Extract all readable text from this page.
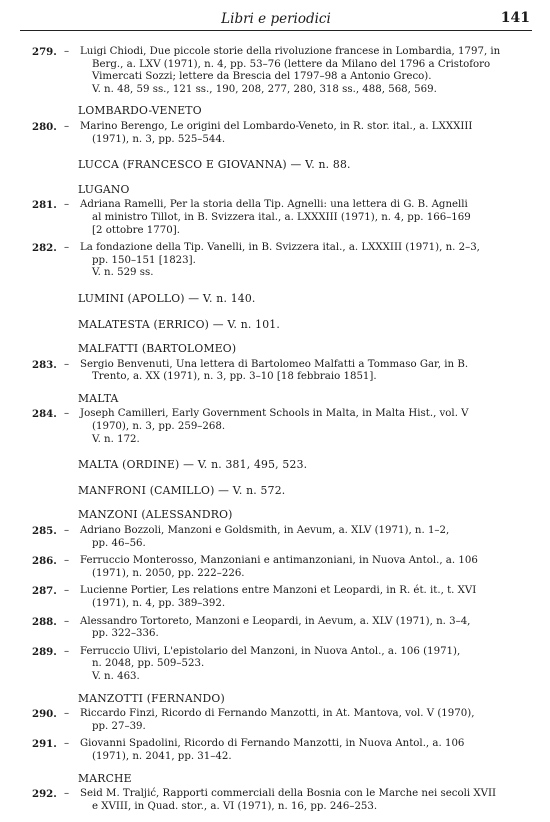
Libri e periodici	141
279. – Luigi Chiodi, Due piccole storie della rivoluzione francese in Lombardia, 1797, in
Berg., a. LXV (1971), n. 4, pp. 53–76 (lettere da Milano del 1796 a Cristoforo
Vimercati Sozzi; lettere da Brescia del 1797–98 a Antonio Greco).
V. n. 48, 59 ss., 121 ss., 190, 208, 277, 280, 318 ss., 488, 568, 569.
LOMBARDO-VENETO
280. – Marino Berengo, Le origini del Lombardo-Veneto, in R. stor. ital., a. LXXXIII
(1971), n. 3, pp. 525–544.
LUCCA (FRANCESCO E GIOVANNA) — V. n. 88.
LUGANO
281. – Adriana Ramelli, Per la storia della Tip. Agnelli: una lettera di G. B. Agnelli
al ministro Tillot, in B. Svizzera ital., a. LXXXIII (1971), n. 4, pp. 166–169
[2 ottobre 1770].
282. – La fondazione della Tip. Vanelli, in B. Svizzera ital., a. LXXXIII (1971), n. 2–3,
pp. 150–151 [1823].
V. n. 529 ss.
LUMINI (APOLLO) — V. n. 140.
MALATESTA (ERRICO) — V. n. 101.
MALFATTI (BARTOLOMEO)
283. – Sergio Benvenuti, Una lettera di Bartolomeo Malfatti a Tommaso Gar, in B.
Trento, a. XX (1971), n. 3, pp. 3–10 [18 febbraio 1851].
MALTA
284. – Joseph Camilleri, Early Government Schools in Malta, in Malta Hist., vol. V
(1970), n. 3, pp. 259–268.
V. n. 172.
MALTA (ORDINE) — V. n. 381, 495, 523.
MANFRONI (CAMILLO) — V. n. 572.
MANZONI (ALESSANDRO)
285. – Adriano Bozzoli, Manzoni e Goldsmith, in Aevum, a. XLV (1971), n. 1–2,
pp. 46–56.
286. – Ferruccio Monterosso, Manzoniani e antimanzoniani, in Nuova Antol., a. 106
(1971), n. 2050, pp. 222–226.
287. – Lucienne Portier, Les relations entre Manzoni et Leopardi, in R. ét. it., t. XVI
(1971), n. 4, pp. 389–392.
288. – Alessandro Tortoreto, Manzoni e Leopardi, in Aevum, a. XLV (1971), n. 3–4,
pp. 322–336.
289. – Ferruccio Ulivi, L'epistolario del Manzoni, in Nuova Antol., a. 106 (1971),
n. 2048, pp. 509–523.
V. n. 463.
MANZOTTI (FERNANDO)
290. – Riccardo Finzi, Ricordo di Fernando Manzotti, in At. Mantova, vol. V (1970),
pp. 27–39.
291. – Giovanni Spadolini, Ricordo di Fernando Manzotti, in Nuova Antol., a. 106
(1971), n. 2041, pp. 31–42.
MARCHE
292. – Seid M. Traljić, Rapporti commerciali della Bosnia con le Marche nei secoli XVII
e XVIII, in Quad. stor., a. VI (1971), n. 16, pp. 246–253.
